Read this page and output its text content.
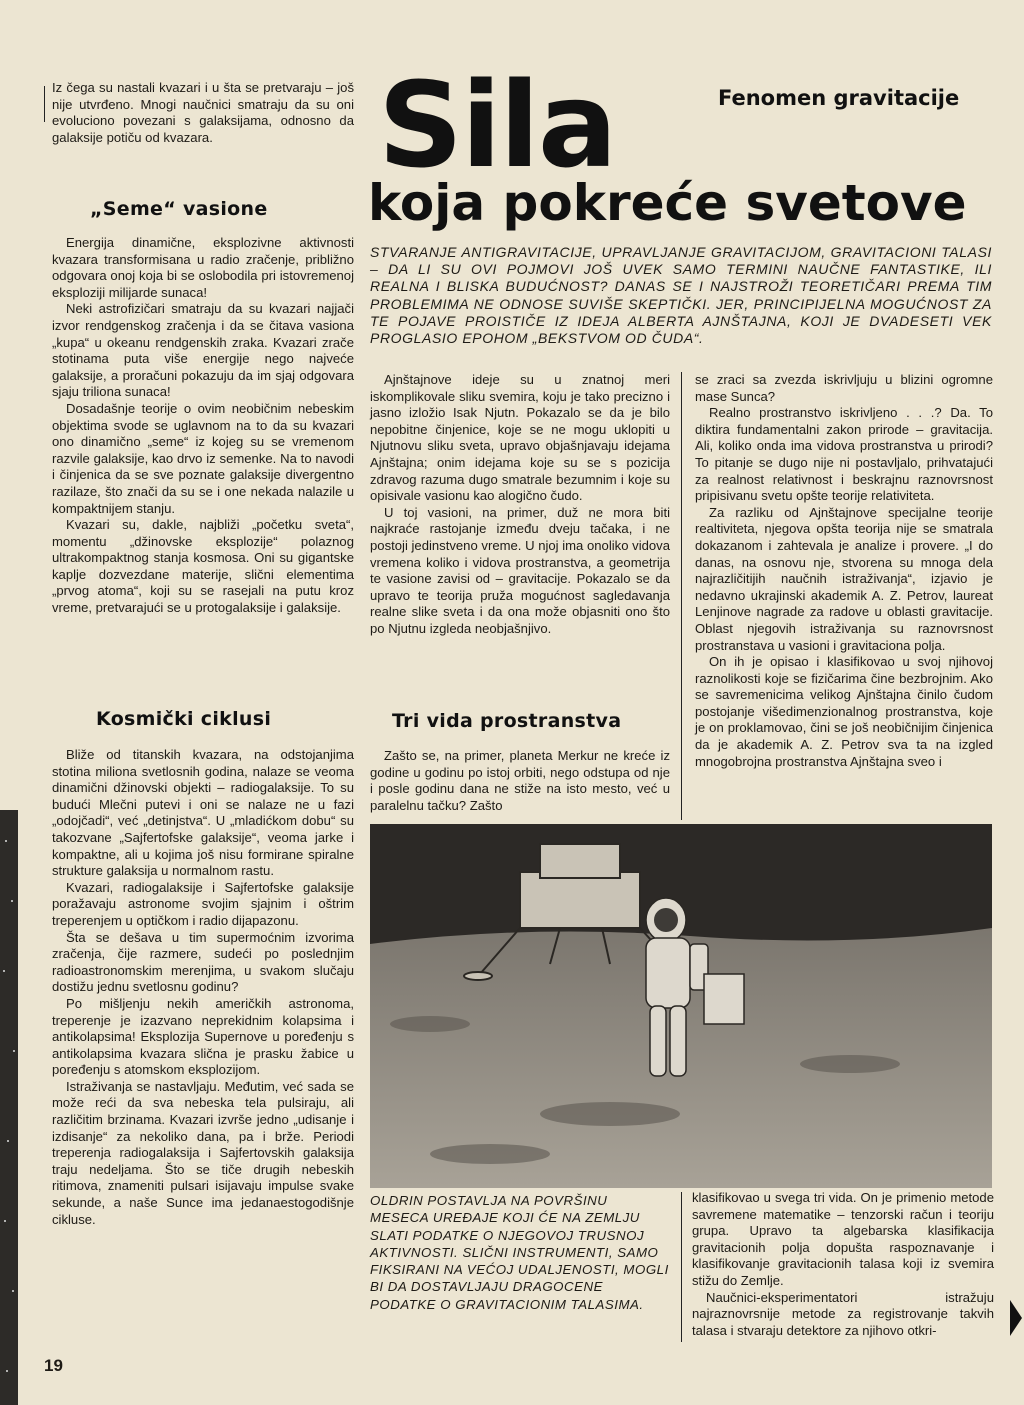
Iz čega su nastali kvazari i u šta se pretvaraju – još nije utvrđeno. Mnogi naučnici smatraju da su oni evoluciono povezani s galaksijama, odnosno da galaksije potiču od kvazara.

„Seme“ vasione

Energija dinamične, eksplozivne aktivnosti kvazara transformisana u radio zračenje, približno odgovara onoj koja bi se oslobodila pri istovremenoj eksploziji milijarde sunaca!

Neki astrofizičari smatraju da su kvazari najjači izvor rendgenskog zračenja i da se čitava vasiona „kupa“ u okeanu rendgenskih zraka. Kvazari zrače stotinama puta više energije nego najveće galaksije, a proračuni pokazuju da im sjaj odgovara sjaju triliona sunaca!

Dosadašnje teorije o ovim neobičnim nebeskim objektima svode se uglavnom na to da su kvazari ono dinamično „seme“ iz kojeg su se vremenom razvile galaksije, kao drvo iz semenke. Na to navodi i činjenica da se sve poznate galaksije divergentno razilaze, što znači da su se i one nekada nalazile u kompaktnijem stanju.

Kvazari su, dakle, najbliži „početku sveta“, momentu „džinovske eksplozije“ polaznog ultrakompaktnog stanja kosmosa. Oni su gigantske kaplje dozvezdane materije, slični elementima „prvog atoma“, koji su se rasejali na putu kroz vreme, pretvarajući se u protogalaksije i galaksije.

Kosmički ciklusi

Bliže od titanskih kvazara, na odstojanjima stotina miliona svetlosnih godina, nalaze se veoma dinamični džinovski objekti – radiogalaksije. To su budući Mlečni putevi i oni se nalaze ne u fazi „odojčadi“, već „detinjstva“. U „mladićkom dobu“ su takozvane „Sajfertofske galaksije“, veoma jarke i kompaktne, ali u kojima još nisu formirane spiralne strukture galaksija u normalnom rastu.

Kvazari, radiogalaksije i Sajfertofske galaksije poražavaju astronome svojim sjajnim i oštrim treperenjem u optičkom i radio dijapazonu.

Šta se dešava u tim supermoćnim izvorima zračenja, čije razmere, sudeći po poslednjim radioastronomskim merenjima, u svakom slučaju dostižu jednu svetlosnu godinu?

Po mišljenju nekih američkih astronoma, treperenje je izazvano neprekidnim kolapsima i antikolapsima! Eksplozija Supernove u poređenju s antikolapsima kvazara slična je prasku žabice u poređenju s atomskom eksplozijom.

Istraživanja se nastavljaju. Međutim, već sada se može reći da sva nebeska tela pulsiraju, ali različitim brzinama. Kvazari izvrše jedno „udisanje i izdisanje“ za nekoliko dana, pa i brže. Periodi treperenja radiogalaksija i Sajfertovskih galaksija traju nedeljama. Što se tiče drugih nebeskih ritimova, znameniti pulsari isijavaju impulse svake sekunde, a naše Sunce ima jedanaestogodišnje cikluse.

Fenomen gravitacije
Sila
koja pokreće svetove
STVARANJE ANTIGRAVITACIJE, UPRAVLJANJE GRAVITACIJOM, GRAVITACIONI TALASI – DA LI SU OVI POJMOVI JOŠ UVEK SAMO TERMINI NAUČNE FANTASTIKE, ILI REALNA I BLISKA BUDUĆNOST? DANAS SE I NAJSTROŽI TEORETIČARI PREMA TIM PROBLEMIMA NE ODNOSE SUVIŠE SKEPTIČKI. JER, PRINCIPIJELNA MOGUĆNOST ZA TE POJAVE PROISTIČE IZ IDEJA ALBERTA AJNŠTAJNA, KOJI JE DVADESETI VEK PROGLASIO EPOHOM „BEKSTVOM OD ČUDA“.

Ajnštajnove ideje su u znatnoj meri iskomplikovale sliku svemira, koju je tako precizno i jasno izložio Isak Njutn. Pokazalo se da je bilo nepobitne činjenice, koje se ne mogu uklopiti u Njutnovu sliku sveta, upravo objašnjavaju idejama Ajnštajna; onim idejama koje su se s pozicija zdravog razuma dugo smatrale bezumnim i koje su opisivale vasionu kao alogično čudo.

U toj vasioni, na primer, duž ne mora biti najkraće rastojanje između dveju tačaka, i ne postoji jedinstveno vreme. U njoj ima onoliko vidova vremena koliko i vidova prostranstva, a geometrija te vasione zavisi od – gravitacije. Pokazalo se da upravo te teorija pruža mogućnost sagledavanja realne slike sveta i da ona može objasniti ono što po Njutnu izgleda neobjašnjivo.

Tri vida prostranstva

Zašto se, na primer, planeta Merkur ne kreće iz godine u godinu po istoj orbiti, nego odstupa od nje i posle godinu dana ne stiže na isto mesto, već u paralelnu tačku? Zašto

se zraci sa zvezda iskrivljuju u blizini ogromne mase Sunca?

Realno prostranstvo iskrivljeno . . .? Da. To diktira fundamentalni zakon prirode – gravitacija. Ali, koliko onda ima vidova prostranstva u prirodi? To pitanje se dugo nije ni postavljalo, prihvatajući za realnost relativnost i beskrajnu raznovrsnost pripisivanu svetu opšte teorije relativiteta.

Za razliku od Ajnštajnove specijalne teorije realtiviteta, njegova opšta teorija nije se smatrala dokazanom i zahtevala je analize i provere. „I do danas, na osnovu nje, stvorena su mnoga dela najrazličitijih naučnih istraživanja“, izjavio je nedavno ukrajinski akademik A. Z. Petrov, laureat Lenjinove nagrade za radove u oblasti gravitacije. Oblast njegovih istraživanja su raznovrsnost prostranstava u vasioni i gravitaciona polja.

On ih je opisao i klasifikovao u svoj njihovoj raznolikosti koje se fizičarima čine bezbrojnim. Ako se savremenicima velikog Ajnštajna činilo čudom postojanje višedimenzionalnog prostranstva, koje je on proklamovao, čini se još neobičnijim činjenica da je akademik A. Z. Petrov sva ta na izgled mnogobrojna prostranstva Ajnštajna sveo i

OLDRIN POSTAVLJA NA POVRŠINU MESECA UREĐAJE KOJI ĆE NA ZEMLJU SLATI PODATKE O NJEGOVOJ TRUSNOJ AKTIVNOSTI. SLIČNI INSTRUMENTI, SAMO FIKSIRANI NA VEĆOJ UDALJENOSTI, MOGLI BI DA DOSTAVLJAJU DRAGOCENE PODATKE O GRAVITACIONIM TALASIMA.

klasifikovao u svega tri vida. On je primenio metode savremene matematike – tenzorski račun i teoriju grupa. Upravo ta algebarska klasifikacija gravitacionih polja dopušta raspoznavanje i klasifikovanje gravitacionih talasa koji iz svemira stižu do Zemlje.

Naučnici-eksperimentatori istražuju najraznovrsnije metode za registrovanje takvih talasa i stvaraju detektore za njihovo otkri-

19
